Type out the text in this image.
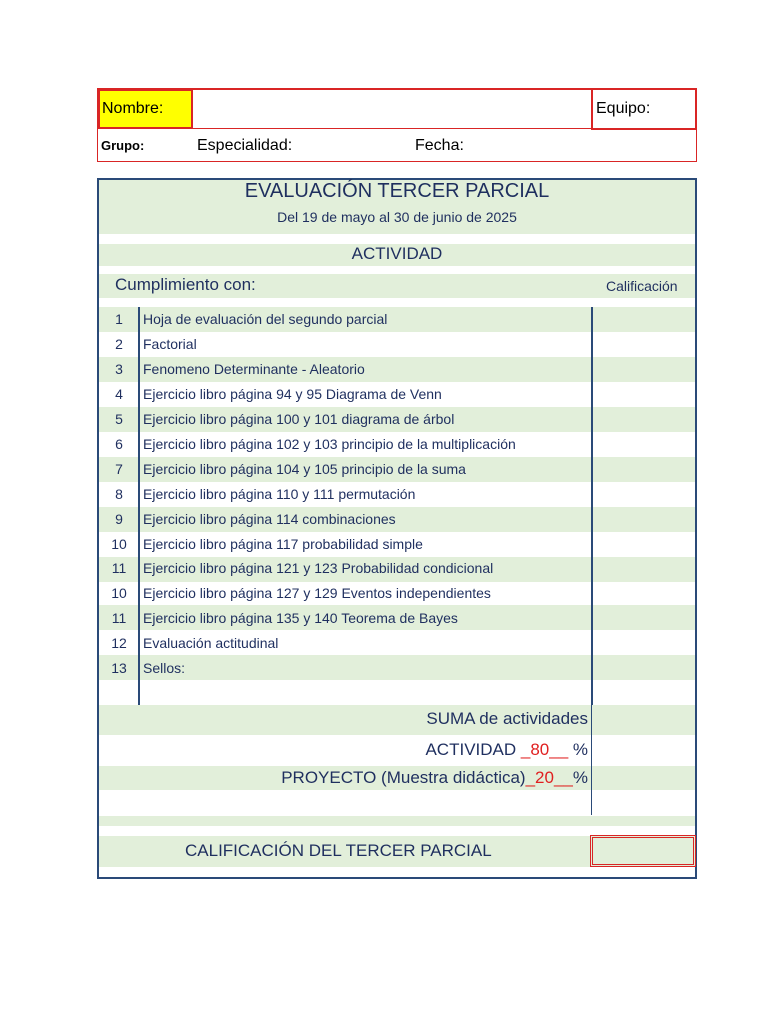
Nombre:	Equipo:
Grupo:	Especialidad:	Fecha:
EVALUACIÓN TERCER PARCIAL
Del 19 de mayo al 30 de junio de 2025
ACTIVIDAD
Cumplimiento con:	Calificación
1	Hoja de evaluación del segundo parcial
2	Factorial
3	Fenomeno Determinante - Aleatorio
4	Ejercicio libro página 94 y 95 Diagrama de Venn
5	Ejercicio libro página 100 y 101 diagrama de árbol
6	Ejercicio libro página 102 y 103 principio de la multiplicación
7	Ejercicio libro página 104 y 105 principio de la suma
8	Ejercicio libro página 110 y 111 permutación
9	Ejercicio libro página 114 combinaciones
10	Ejercicio libro página 117 probabilidad simple
11	Ejercicio libro página 121 y 123 Probabilidad condicional
10	Ejercicio libro página 127 y 129 Eventos independientes
11	Ejercicio libro página 135 y 140 Teorema de Bayes
12	Evaluación actitudinal
13	Sellos:
SUMA de actividades
ACTIVIDAD _80__ %
PROYECTO (Muestra didáctica)_20__%
CALIFICACIÓN DEL TERCER PARCIAL
